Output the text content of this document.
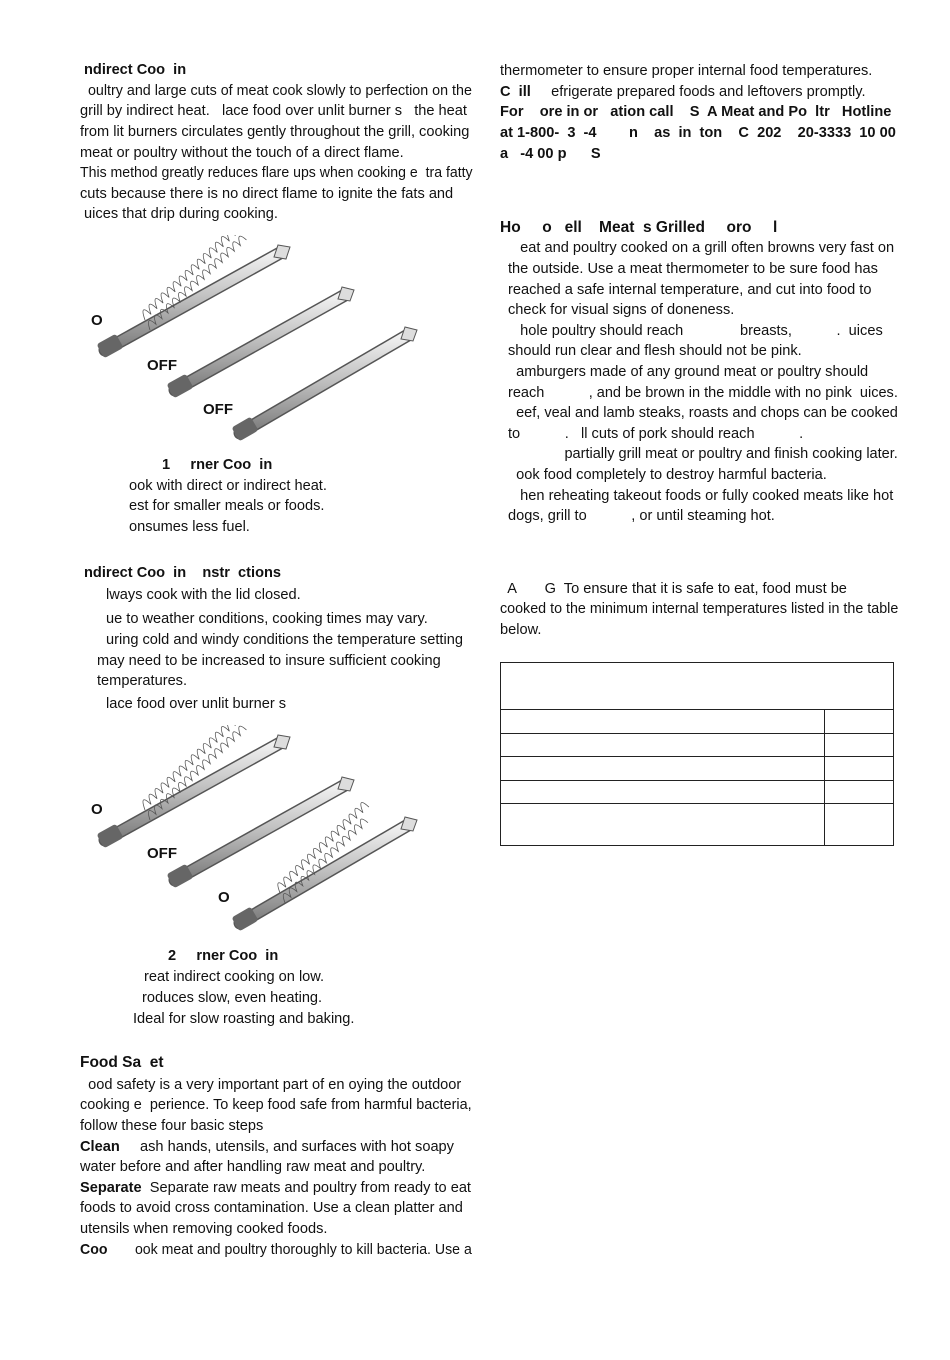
ndirect Coo  in
oultry and large cuts of meat cook slowly to perfection on the
grill by indirect heat.   lace food over unlit burner s   the heat
from lit burners circulates gently throughout the grill, cooking
meat or poultry without the touch of a direct flame.
This method greatly reduces flare ups when cooking e  tra fatty
cuts because there is no direct flame to ignite the fats and
uices that drip during cooking.
O
OFF
OFF
1     rner Coo  in
ook with direct or indirect heat.
est for smaller meals or foods.
onsumes less fuel.
ndirect Coo  in    nstr  ctions
lways cook with the lid closed.
ue to weather conditions, cooking times may vary.
uring cold and windy conditions the temperature setting
may need to be increased to insure sufficient cooking
temperatures.
lace food over unlit burner s
O
OFF
O
2     rner Coo  in
reat indirect cooking on low.
roduces slow, even heating.
Ideal for slow roasting and baking.
Food Sa  et
ood safety is a very important part of en oying the outdoor
cooking e  perience. To keep food safe from harmful bacteria,
follow these four basic steps
Clean     ash hands, utensils, and surfaces with hot soapy
water before and after handling raw meat and poultry.
Separate  Separate raw meats and poultry from ready to eat
foods to avoid cross contamination. Use a clean platter and
utensils when removing cooked foods.
Coo       ook meat and poultry thoroughly to kill bacteria. Use a
thermometer to ensure proper internal food temperatures.
C  ill     efrigerate prepared foods and leftovers promptly.
For    ore in or   ation call    S  A Meat and Po  ltr   Hotline
at 1-800-  3  -4        n    as  in  ton    C  202    20-3333  10 00
a   -4 00 p      S
Ho     o   ell    Meat  s Grilled     oro     l
eat and poultry cooked on a grill often browns very fast on
the outside. Use a meat thermometer to be sure food has
reached a safe internal temperature, and cut into food to
check for visual signs of doneness.
hole poultry should reach              breasts,           .  uices
should run clear and flesh should not be pink.
amburgers made of any ground meat or poultry should
reach           , and be brown in the middle with no pink  uices.
eef, veal and lamb steaks, roasts and chops can be cooked
to           .   ll cuts of pork should reach           .
partially grill meat or poultry and finish cooking later.
ook food completely to destroy harmful bacteria.
hen reheating takeout foods or fully cooked meats like hot
dogs, grill to           , or until steaming hot.
A       G  To ensure that it is safe to eat, food must be
cooked to the minimum internal temperatures listed in the table
below.
